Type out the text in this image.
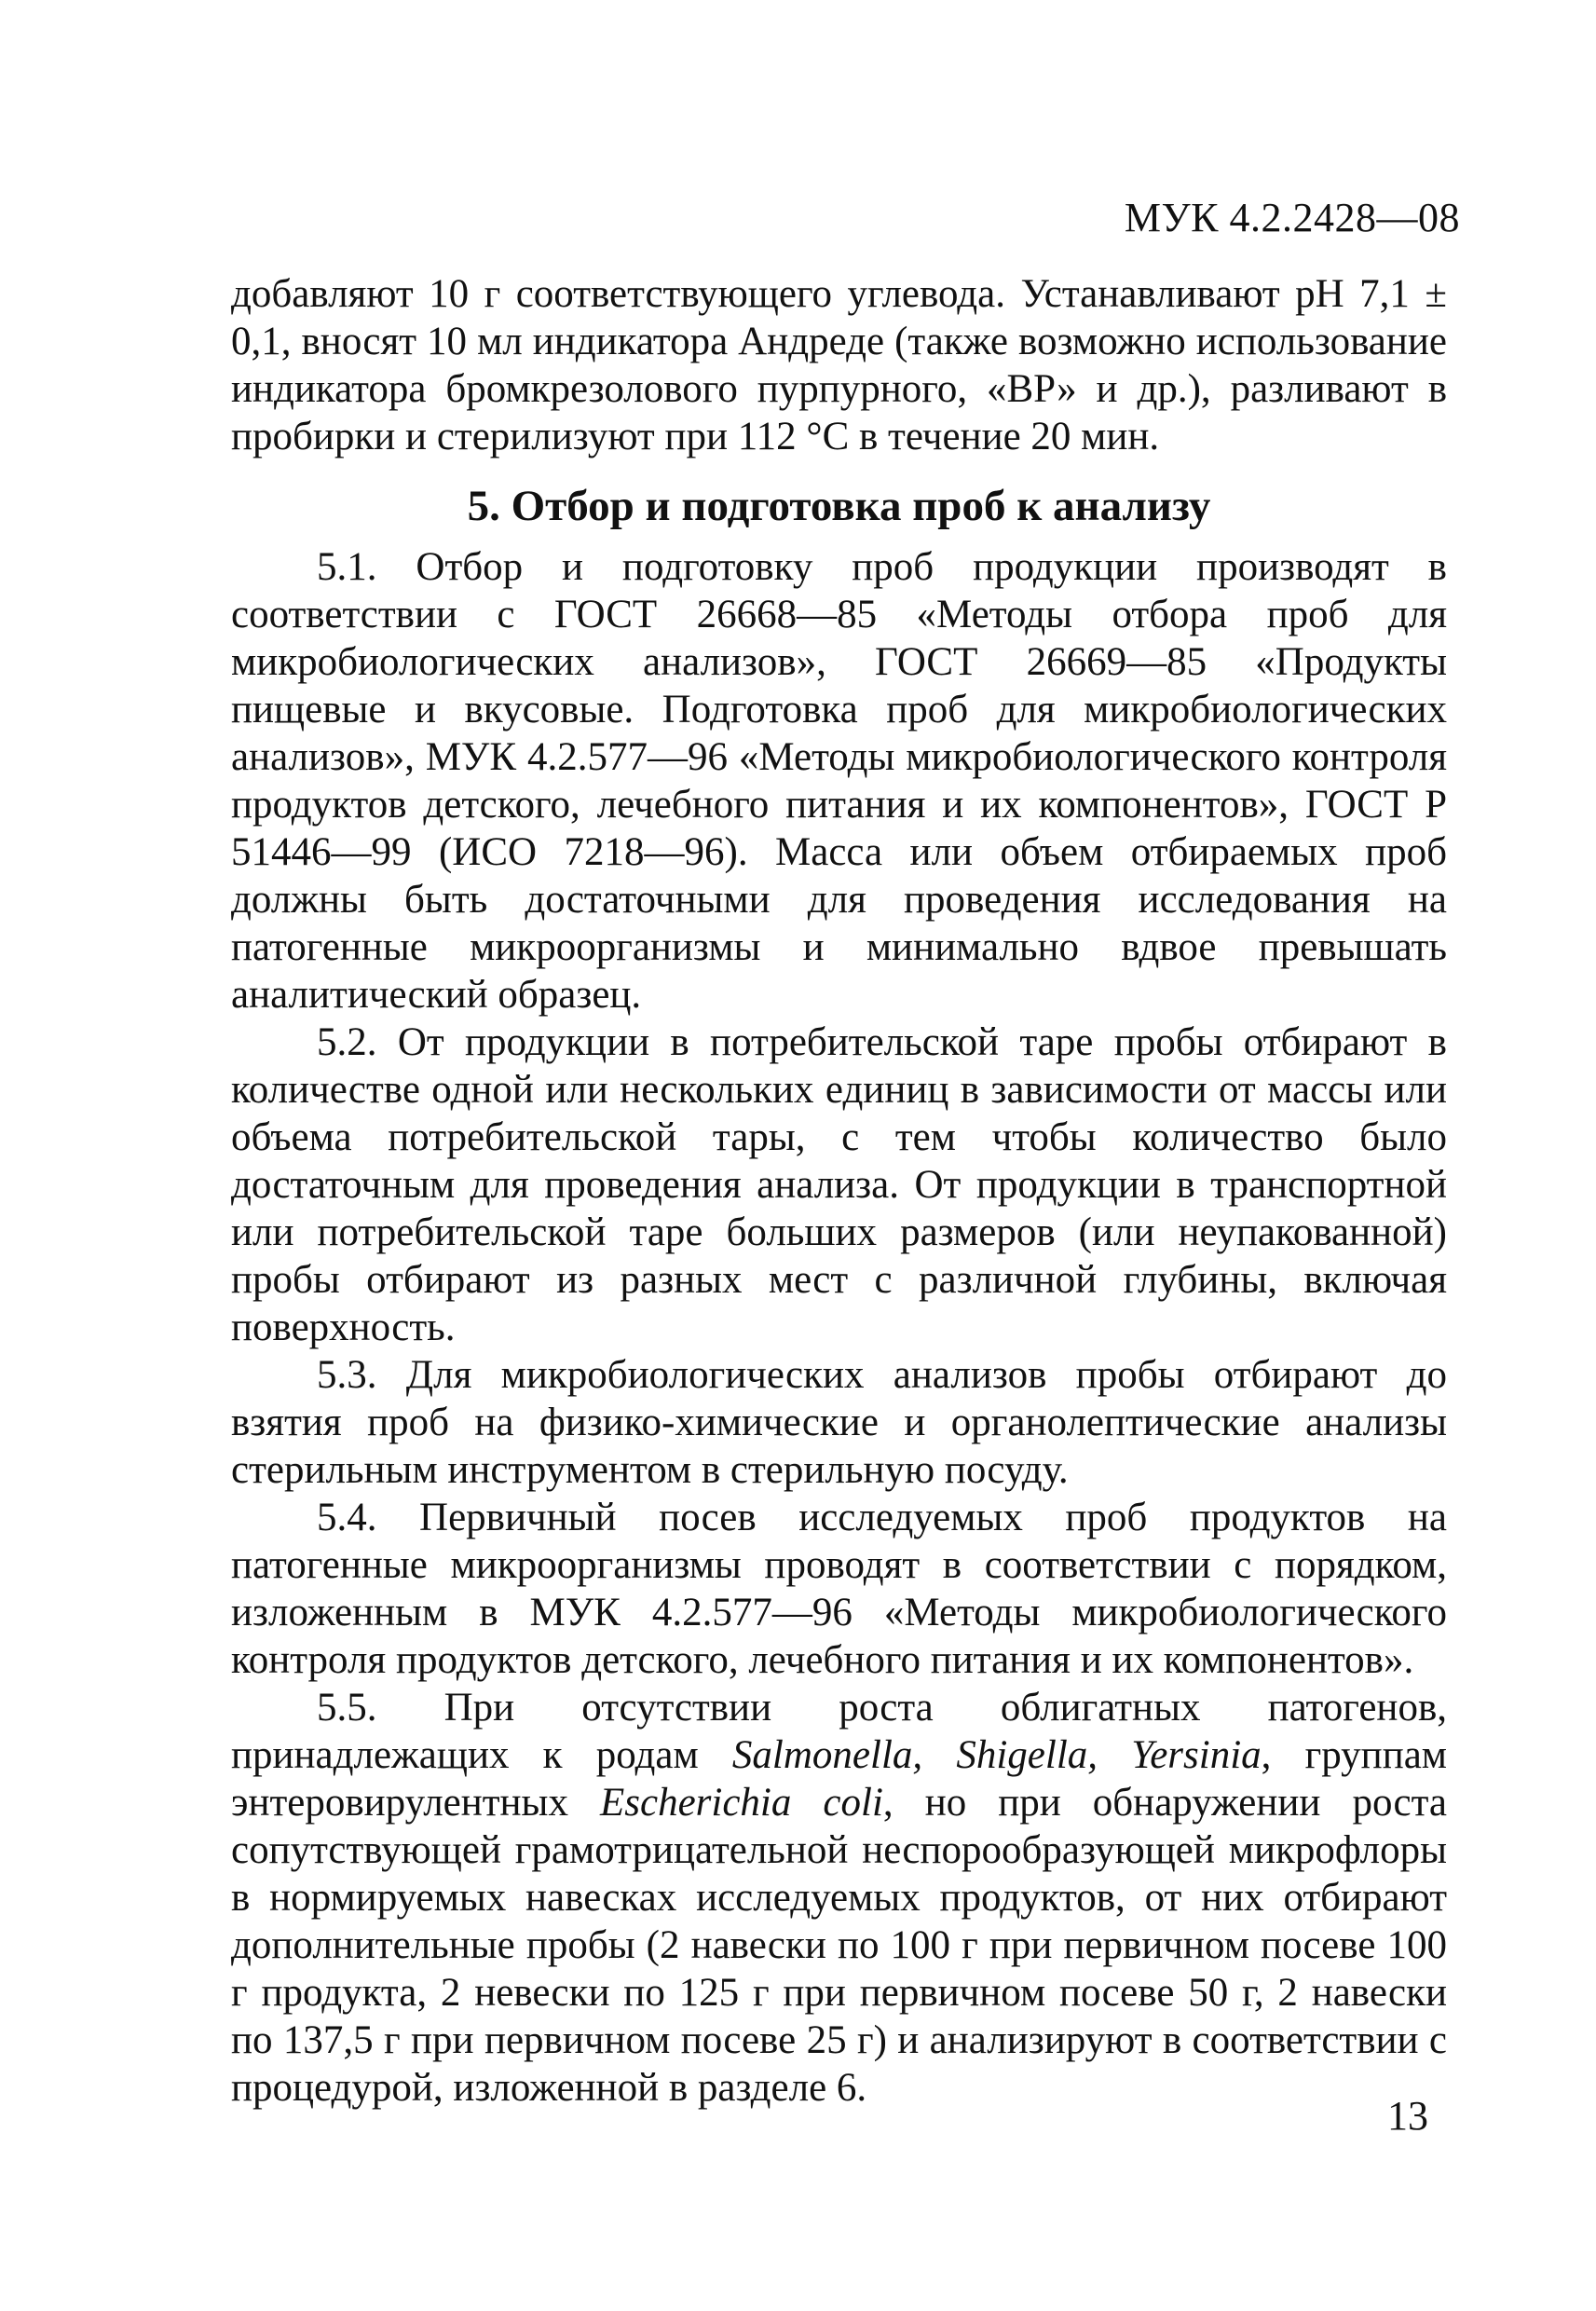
МУК 4.2.2428—08

добавляют 10 г соответствующего углевода. Устанавливают рН 7,1 ± 0,1, вносят 10 мл индикатора Андреде (также возможно использование индикатора бромкрезолового пурпурного, «ВР» и др.), разливают в пробирки и стерилизуют при 112 °С в течение 20 мин.

5. Отбор и подготовка проб к анализу

5.1. Отбор и подготовку проб продукции производят в соответствии с ГОСТ 26668—85 «Методы отбора проб для микробиологических анализов», ГОСТ 26669—85 «Продукты пищевые и вкусовые. Подготовка проб для микробиологических анализов», МУК 4.2.577—96 «Методы микробиологического контроля продуктов детского, лечебного питания и их компонентов», ГОСТ Р 51446—99 (ИСО 7218—96). Масса или объем отбираемых проб должны быть достаточными для проведения исследования на патогенные микроорганизмы и минимально вдвое превышать аналитический образец.

5.2. От продукции в потребительской таре пробы отбирают в количестве одной или нескольких единиц в зависимости от массы или объема потребительской тары, с тем чтобы количество было достаточным для проведения анализа. От продукции в транспортной или потребительской таре больших размеров (или неупакованной) пробы отбирают из разных мест с различной глубины, включая поверхность.

5.3. Для микробиологических анализов пробы отбирают до взятия проб на физико-химические и органолептические анализы стерильным инструментом в стерильную посуду.

5.4. Первичный посев исследуемых проб продуктов на патогенные микроорганизмы проводят в соответствии с порядком, изложенным в МУК 4.2.577—96 «Методы микробиологического контроля продуктов детского, лечебного питания и их компонентов».

5.5. При отсутствии роста облигатных патогенов, принадлежащих к родам Salmonella, Shigella, Yersinia, группам энтеровирулентных Escherichia coli, но при обнаружении роста сопутствующей грамотрицательной неспорообразующей микрофлоры в нормируемых навесках исследуемых продуктов, от них отбирают дополнительные пробы (2 навески по 100 г при первичном посеве 100 г продукта, 2 невески по 125 г при первичном посеве 50 г, 2 навески по 137,5 г при первичном посеве 25 г) и анализируют в соответствии с процедурой, изложенной в разделе 6.

13
